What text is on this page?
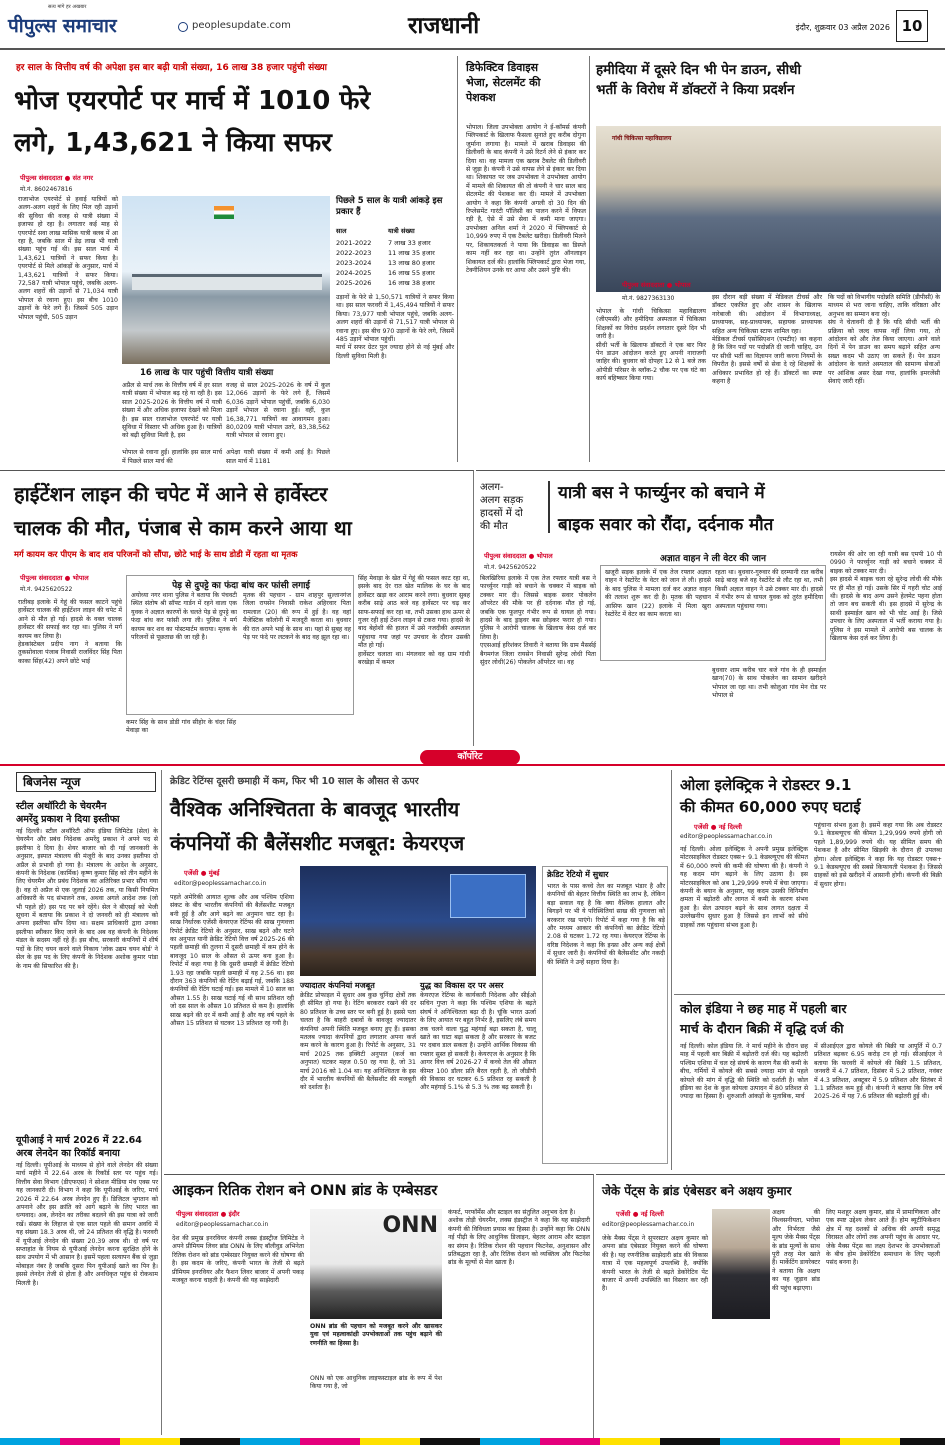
सत्य मांगे हर अखबार
पीपुल्स समाचार	peoplesupdate.com	राजधानी	इंदौर, शुक्रवार 03 अप्रैल 2026 10
हर साल के वित्तीय वर्ष की अपेक्षा इस बार बढ़ी यात्री संख्या, 16 लाख 38 हजार पहुंची संख्या
भोज एयरपोर्ट पर मार्च में 1010 फेरे
लगे, 1,43,621 ने किया सफर
पीपुल्स संवाददाता ● संत नगर
मो.नं. 8602467816
राजाभोज एयरपोर्ट से हवाई यात्रियों को अलग-अलग शहरों के लिए मिल रही उड़ानों की सुविधा की वजह से यात्री संख्या में इजाफा हो रहा है। लगातार कई माह से एयरपोर्ट सवा लाख मासिक यात्री क्लब में आ रहा है, जबकि साल में डेढ़ लाख भी यात्री संख्या पहुंच गई थी। इस साल मार्च में 1,43,621 यात्रियों ने सफर किया है। एयरपोर्ट से मिले आंकड़ों के अनुसार, मार्च में 1,43,621 यात्रियों ने सफर किया। 72,587 यात्री भोपाल पहुंचे, जबकि अलग-अलग शहरों की उड़ानों से 71,034 यात्री भोपाल से रवाना हुए। इस बीच 1010 उड़ानों के फेरे लगे हैं। जिसमें 505 उड़ान भोपाल पहुंची, 505 उड़ान
16 लाख के पार पहुंची वित्तीय यात्री संख्या
अप्रैल से मार्च तक के वित्तीय वर्ष में हर साल यात्री संख्या में भोपाल बढ़ रहे या रही है। इस साल 2025-2026 के वित्तीय वर्ष में यात्री संख्या में और अधिक इजाफा देखने को मिला है। इस साल राजाभोज एयरपोर्ट पर यात्री सुविधा में विस्तार भी अधिक हुआ है। यात्रियों को बढ़ी सुविधा मिली है, इस

भोपाल से रवाना हुईं। हालांकि इस साल मार्च में पिछले साल मार्च की
वजह से साल 2025-2026 के वर्ष में कुल 12,066 उड़ानों के फेरे लगे हैं, जिसमें 6,036 उड़ानें भोपाल पहुंचीं, जबकि 6,030 उड़ानें भोपाल से रवाना हुई। वहीं, कुल 16,38,771 यात्रियों का आवागमन हुआ। 80,0209 यात्री भोपाल उतरे, 83,38,562 यात्री भोपाल से रवाना हुए।

अपेक्षा यात्री संख्या में कमी आई है। पिछले साल मार्च में 1181
पिछले 5 साल के यात्री आंकड़े इस प्रकार हैं
साल	यात्री संख्या
2021-2022	7 लाख 33 हजार
2022-2023	11 लाख 35 हजार
2023-2024	13 लाख 80 हजार
2024-2025	16 लाख 55 हजार
2025-2026	16 लाख 38 हजार
उड़ानों के फेरे से 1,50,571 यात्रियों ने सफर किया था। इस साल फरवरी में 1,45,494 यात्रियों ने सफर किया। 73,977 यात्री भोपाल पहुंचे, जबकि अलग-अलग शहरों की उड़ानों से 71,517 यात्री भोपाल से रवाना हुए। इस बीच 970 उड़ानों के फेरे लगे, जिसमें 485 उड़ानें भोपाल पहुंचीं।
मार्च में सफर ग्रेटर पुल ज्यादा होने से नई मुंबई और दिल्ली सुविधा मिली है।
डिफेक्टिव डिवाइस
भेजा, सेटलमेंट की
पेशकश
भोपाल। जिला उपभोक्ता आयोग ने ई-कॉमर्स कंपनी फ्लिपकार्ट के खिलाफ फैसला सुनाते हुए करीब दोगुना जुर्माना लगाया है। मामले में खराब डिवाइस की डिलीवरी के बाद कंपनी ने उसे रिटर्न लेने से इंकार कर दिया था। वह मामला एक खराब टैबलेट की डिलीवरी से जुड़ा है। कंपनी ने उसे वापस लेने से इंकार कर दिया था। शिकायत पर जब उपभोक्ता ने उपभोक्ता आयोग में मामले की शिकायत की तो कंपनी ने चार साल बाद सेटलमेंट की पेशकश कर दी। मामले में उपभोक्ता आयोग ने कहा कि कंपनी अगली दो 30 दिन की रिप्लेसमेंट गारंटी पॉलिसी का पालन करने में विफल रही है, ऐसे में उसे सेवा में कमी माना जाएगा। उपभोक्ता अनिल शर्मा ने 2020 में फ्लिपकार्ट से 10,999 रुपए में एक टैबलेट खरीदा। डिलीवरी मिलने पर, शिकायतकर्ता ने पाया कि डिवाइस का डिस्प्ले काम नहीं कर रहा था। उन्होंने तुरंत ऑनलाइन शिकायत दर्ज की। हालांकि फ्लिपकार्ट द्वारा भेजा गया, टेक्नीशियन उनके घर आया और उसने पुष्टि की।
हमीदिया में दूसरे दिन भी पेन डाउन, सीधी
भर्ती के विरोध में डॉक्टरों ने किया प्रदर्शन
गांधी चिकित्सा महाविद्यालय
पीपुल्स संवाददाता ● भोपाल
मो.नं. 9827363130
भोपाल के गांधी चिकित्सा महाविद्यालय (जीएमसी) और हमीदिया अस्पताल में चिकित्सा शिक्षकों का विरोध प्रदर्शन लगातार दूसरे दिन भी जारी है।
सीधी भर्ती के खिलाफ डॉक्टरों ने एक बार फिर पेन डाउन आंदोलन करते हुए अपनी नाराजगी जाहिर की। बुधवार को दोपहर 12 से 1 बजे तक ओपीडी परिसर के ब्लॉक-2 चौक पर एक घंटे का कार्य बहिष्कार किया गया।
इस दौरान बड़ी संख्या में मेडिकल टीचर्स और डॉक्टर एकत्रित हुए और शासन के खिलाफ नारेबाजी की। आंदोलन में विभागाध्यक्ष, प्राध्यापक, सह-प्राध्यापक, सहायक प्राध्यापक सहित अन्य चिकित्सा स्टाफ शामिल रहा।
मेडिकल टीचर्स एसोसिएशन (एमटीए) का कहना है कि जिन पदों पर पदोन्नति दी जानी चाहिए, उन पर सीधी भर्ती का विज्ञापन जारी करना नियमों के विपरीत है। इससे वर्षों से सेवा दे रहे शिक्षकों के अधिकार प्रभावित हो रहे हैं। डॉक्टरों का स्पष्ट कहना है
कि पदों को विभागीय पदोन्नति समिति (डीपीसी) के माध्यम से भरा जाना चाहिए, ताकि वरिष्ठता और अनुभव का सम्मान बना रहे।
संघ ने चेतावनी दी है कि यदि सीधी भर्ती की प्रक्रिया को जल्द वापस नहीं लिया गया, तो आंदोलन को और तेज किया जाएगा। आने वाले दिनों में पेन डाउन का समय बढ़ाने सहित अन्य सख्त कदम भी उठाए जा सकते हैं। पेन डाउन आंदोलन के चलते अस्पताल की सामान्य सेवाओं पर आंशिक असर देखा गया, हालांकि इमरजेंसी सेवाएं जारी रहीं।
हाईटेंशन लाइन की चपेट में आने से हार्वेस्टर
चालक की मौत, पंजाब से काम करने आया था
मर्ग कायम कर पीएम के बाद शव परिजनों को सौंपा, छोटे भाई के साथ डोडी में रहता था मृतक
पीपुल्स संवाददाता ● भोपाल
मो.नं. 9425620522
रातीबड़ इलाके में गेहूं की फसल काटने पहुंचे हार्वेस्टर चालक की हाईटेंशन लाइन की चपेट में आने से मौत हो गई। हादसे के वक्त चालक हार्वेस्टर की सफाई कर रहा था। पुलिस ने मर्ग कायम कर लिया है।
हेडकांस्टेबल प्रदीप नाग ने बताया कि तुकसोवाला पंजाब निवासी राजविंदर सिंह पिता काका सिंह(42) अपने छोटे भाई
पेड़ से दुपट्टे का फंदा बांध कर फांसी लगाई
अयोध्या नगर थाना पुलिस ने बताया कि पंचवटी स्थित संतोष श्री सॉफ्ट गार्डन में रहने वाला एक युवक ने अज्ञात कारणों के चलते पेड़ से दुपट्टे का फंदा बांध कर फांसी लगा ली। पुलिस ने मर्ग कायम कर शव का पोस्टमार्टम कराया। मृतक के परिजनों से पूछताछ की जा रही है।
मृतक की पहचान - ग्राम शाहपुर सुल्तानगंज जिला रायसेन निवासी राकेश अहिरवार पिता रामलाल (20) की रूप में हुई है। वह वहां मैजेस्टिक कॉलोनी में मजदूरी करता था। बुधवार की रात अपने भाई के साथ था। यहां से सुबह वह पेड़ पर फंदे पर लटकने के बाद वह झूल रहा था।
कमर सिंह के साथ डोडी गांव सीहोर के चंदर सिंह मेवाड़ा का
सिंह मेवाड़ा के खेत में गेहूं की फसल काट रहा था, इसके बाद देर रात खेत मालिक के घर के बाद हार्वेस्टर खड़ा कर आराम करने लगा। बुधवार सुबह करीब साढ़े आठ बजे वह हार्वेस्टर पर चढ़ कर साफ-सफाई कर रहा था, तभी उसका हाथ ऊपर से गुजर रही हाई टेंशन लाइन से टकरा गया। हादसे के बाद बेहोशी की हालत में उसे नजदीकी अस्पताल पहुंचाया गया जहां पर उपचार के दौरान उसकी मौत हो गई।
हार्वेस्टर चलाता था। मंगलवार को वह ग्राम गांधी बरखेड़ा में कमल
अलग-
अलग सड़क
हादसों में दो
की मौत
यात्री बस ने फार्च्युनर को बचाने में
बाइक सवार को रौंदा, दर्दनाक मौत
पीपुल्स संवाददाता ● भोपाल
मो.नं. 9425620522
बिलखिरिया इलाके में एक तेज रफ्तार यात्री बस ने फार्च्युनर गाड़ी को बचाने के चक्कर में बाइक को टक्कर मार दी। जिससे बाइक सवार पोकलेन ऑपरेटर की मौके पर ही दर्दनाक मौत हो गई, जबकि एक फूलपुर गंभीर रूप से घायल हो गया। हादसे के बाद ड्राइवर बस छोड़कर फरार हो गया। पुलिस ने आरोपी चालक के खिलाफ केस दर्ज कर लिया है।
एएसआई हरिशंकर तिवारी ने बताया कि ग्राम मैसर्सई बैगमगंज जिला रायसेन निवासी सुरेन्द्र लोधी पिता सुंदर लोधी(26) पोकलेन ऑपरेटर था। वह
अज्ञात वाहन ने ली वेटर की जान
खजूरी सड़क इलाके में एक तेज रफ्तार अज्ञात वाहन ने रेस्टोरेंट के वेटर को जान ले ली। हादसे के बाद पुलिस ने मामला दर्ज कर अज्ञात वाहन की तलाश शुरू कर दी है। मृतक की पहचान आसिफ खान (22) इलाके में मिला खुरा रेस्टोरेंट में वेटर का काम करता था।
रहता था। बुधवार-गुरुवार की दरम्यानी रात करीब साढ़े बारह बजे वह रेस्टोरेंट से लौट रहा था, तभी किसी अज्ञात वाहन ने उसे टक्कर मार दी। हादसे में गंभीर रूप से घायल युवक को तुरंत हमीदिया अस्पताल पहुंचाया गया।
बुधवार शाम करीब चार बजे गांव के ही इस्माईल खान(70) के साथ पोकलेन का सामान खरीदने भोपाल जा रहा था। तभी कोलुआ गांव मेन रोड पर भोपाल से
रायसेन की ओर जा रही यात्री बस एमपी 10 पी 0990 ने फार्च्युनर गाड़ी को बचाने चक्कर में बाइक को टक्कर मार दी।
इस हादसे में बाइक चला रहे सुरेन्द्र लोधी की मौके पर ही मौत हो गई। उसके सिर में गहरी चोट आई थी। हादसे के बाद अन्य उसने हेलमेट पहना होता तो जान बच सकती थी। इस हादसे में सुरेन्द्र के साथी इस्माईल खान को भी चोट आई है। जिसे उपचार के लिए अस्पताल में भर्ती कराया गया है। पुलिस ने इस मामले में आरोपी बस चालक के खिलाफ केस दर्ज कर लिया है।
कॉर्पोरेट
बिजनेस न्यूज
स्टील अथॉरिटी के चेयरमैन
अमरेंदु प्रकाश ने दिया इस्तीफा
नई दिल्ली। स्टील अथॉरिटी ऑफ इंडिया लिमिटेड (सेल) के चेयरमैन और प्रबंध निदेशक अमरेंदु प्रकाश ने अपने पद से इस्तीफा दे दिया है। शेयर बाजार को दी गई जानकारी के अनुसार, इस्पात मंत्रालय की मंजूरी के बाद उनका इस्तीफा दो अप्रैल से प्रभावी हो गया है। मंत्रालय के आदेश के अनुसार, कंपनी के निदेशक (कार्मिक) कृष्ण कुमार सिंह को तीन महीने के लिए चेयरमैन और प्रबंध निदेशक का अतिरिक्त प्रभार सौंपा गया है। वह दो अप्रैल से एक जुलाई 2026 तक, या किसी नियमित अधिकारी के पद संभालने तक, अथवा अगले आदेश तक (जो भी पहले हो) इस पद पर बने रहेंगे। सेल ने बीएसई को भेजी सूचना में बताया कि प्रकाश ने दो जनवरी को ही मंत्रालय को अपना इस्तीफा सौंप दिया था। सक्षम प्राधिकारी द्वारा उनका इस्तीफा स्वीकार किए जाने के बाद अब वह कंपनी के निदेशक मंडल के सदस्य नहीं रहे हैं। इस बीच, सरकारी कंपनियों में शीर्ष पदों के लिए चयन करने वाले निकाय 'लोक उद्यम चयन बोर्ड' ने सेल के इस पद के लिए कंपनी के निदेशक अशोक कुमार पांडा के नाम की सिफारिश की है।
यूपीआई ने मार्च 2026 में 22.64
अरब लेनदेन का रिकॉर्ड बनाया
नई दिल्ली। यूपीआई के माध्यम से होने वाले लेनदेन की संख्या मार्च महीने में 22.64 अरब के रिकॉर्ड स्तर पर पहुंच गई। वित्तीय सेवा विभाग (डीएफएस) ने सोशल मीडिया मंच एक्स पर यह जानकारी दी। विभाग ने कहा कि यूपीआई के जरिए, मार्च 2026 में 22.64 अरब लेनदेन हुए हैं। डिजिटल भुगतान को अपनाने और इस क्रांति को आगे बढ़ाने के लिए भारत का धन्यवाद। अब, लेनदेन का तरीका बदलने की इस यात्रा को जारी रखें। संख्या के लिहाज से एक साल पहले की समान अवधि में यह संख्या 18.3 अरब थी, जो 24 प्रतिशत की वृद्धि है। फरवरी में यूपीआई लेनदेन की संख्या 20.39 अरब थी। दो वर्ष पर सप्ताहांत के नियम से यूपीआई लेनदेन करना सुरक्षित होने के साथ उपयोग में भी आसान है। इसमें पहला सत्यापन बैंक से जुड़ा मोबाइल नंबर है जबकि दूसरा पिन यूपीआई खाते का पिन है। इससे लेनदेन तेजी से होता है और अनधिकृत पहुंच से रोकथाम मिलती है।
क्रेडिट रेटिंग्स दूसरी छमाही में कम, फिर भी 10 साल के औसत से ऊपर
वैश्विक अनिश्चितता के बावजूद भारतीय
कंपनियों की बैलेंसशीट मजबूत: केयरएज
एजेंसी ● मुंबई
editor@peoplessamachar.co.in
पहले अमेरिकी आयात शुल्क और अब पश्चिम एशिया संकट के बीच भारतीय कंपनियों की बैलेंसशीट मजबूत बनी हुई है और आगे बढ़ने का अनुमान चाट रहा है। साख निर्धारक एजेंसी केयरएज रेटिंग्स की साख गुणवत्ता रिपोर्ट क्रेडिट रेटियो के अनुसार, साख बढ़ने और घटने का अनुपात यानी क्रेडिट रेटियो वित्त वर्ष 2025-26 की पहली छमाही की तुलना में दूसरी छमाही में कम होने के बावजूद 10 साल के औसत से ऊपर बना हुआ है। रिपोर्ट में कहा गया है कि दूसरी छमाही में क्रेडिट रेटियो 1.93 रहा जबकि पहली छमाही में यह 2.56 था। इस दौरान 363 कंपनियों की रेटिंग बढ़ाई गई, जबकि 188 कंपनियों की रेटिंग घटाई गई। इस मामले में 10 साल का औसत 1.55 है। साख घटाई गई थी साथ प्रतिशत रही जो दस साल के औसत 10 प्रतिशत से कम है। हालांकि साख बढ़ने की दर में कमी आई है और यह वर्ष पहले के औसत 15 प्रतिशत से घटकर 13 प्रतिशत रह गयी है।
ज्यादातर कंपनियां मजबूत
क्रेडिट प्रोफाइल में सुधार अब कुछ चुनिंदा क्षेत्रों तक ही सीमित हो गया है। रेटिंग बरकरार रखने की दर 80 प्रतिशत के उच्च स्तर पर बनी हुई है। इससे पता चलता है कि बाहरी दबावों के बावजूद ज्यादातर कंपनियां अपनी स्थिति मजबूत बनाए हुए हैं। इसका मतलब ज्यादा कंपनियों द्वारा लगातार अपना कर्ज कम करने के कारण हुआ है। रिपोर्ट के अनुसार, 31 मार्च 2025 तक इक्विटी अनुपात (कर्ज का अनुपात) घटकर महज 0.50 रह गया है, जो 31 मार्च 2016 को 1.04 था। यह अनिश्चितता के इस दौर में भारतीय कंपनियों की बैलेंसशीट की मजबूती को दर्शाता है।
युद्ध का विकास दर पर असर
केयरएज रेटिंग्स के कार्यकारी निदेशक और सीईओ सचिन गुप्ता ने कहा कि पश्चिम एशिया के बढ़ते संघर्ष ने अनिश्चितता बढ़ा दी है। चूंकि भारत ऊर्जा के लिए आयात पर बहुत निर्भर है, इसलिए लंबे समय तक चलने वाला युद्ध महंगाई बढ़ा सकता है, चालू खाते का घाटा बढ़ा सकता है और सरकार के बजट पर दबाव डाल सकता है। उन्होंने आर्थिक विकास की रफ्तार सुस्त हो सकती है। केयरएज के अनुसार है कि आगर वित्त वर्ष 2026-27 में कच्चे तेल की औसत कीमत 100 डॉलर प्रति बैरल रहती है, तो जीडीपी की विकास दर घटकर 6.5 प्रतिशत रह सकती है और महंगाई 5.1% से 5.3 % तक बढ़ सकती है।
क्रेडिट रेटियो में सुधार
भारत के पास कच्चे तेल का मजबूत भंडार है और कंपनियों की बेहतर वित्तीय स्थिति का लाभ है, लेकिन बड़ा सवाल यह है कि क्या वैश्विक हालात और बिगड़ने पर भी ये परिस्थितियां साख की गुणवत्ता को बरकरार रख पाएंगे। रिपोर्ट में कहा गया है कि बड़े और मध्यम आकार की कंपनियों का क्रेडिट रेटियो 2.08 से घटकर 1.72 रह गया। केयरएज रेटिंग्स के वरिष्ठ निदेशक ने कहा कि इन्फ्रा और अन्य कई क्षेत्रों में सुधार जारी है। कंपनियों की बैलेंसशीट और नकदी की स्थिति ने उन्हें सहारा दिया है।
ओला इलेक्ट्रिक ने रोडस्टर 9.1
की कीमत 60,000 रुपए घटाई
एजेंसी ● नई दिल्ली
editor@peoplessamachar.co.in
नई दिल्ली। ओला इलेक्ट्रिक ने अपनी प्रमुख इलेक्ट्रिक मोटरसाइकिल रोडस्टर एक्स+ 9.1 केडब्ल्यूएच की कीमत में 60,000 रुपये की कमी की घोषणा की है। कंपनी ने यह कदम मांग बढ़ाने के लिए उठाया है। इस मोटरसाइकिल को अब 1,29,999 रुपये में बेचा जाएगा। कंपनी के बयान के अनुसार, यह कदम उसकी विनिर्माण क्षमता में बढ़ोतरी और लागत में कमी के कारण संभव हुआ है। सेल उत्पादन बढ़ने के साथ लागत दक्षता में उल्लेखनीय सुधार हुआ है जिससे इन लाभों को सीधे ग्राहकों तक पहुंचाना संभव हुआ है।
पहुंचाना संभव हुआ है। इसमें कहा गया कि अब रोडस्टर 9.1 केडब्ल्यूएच की कीमत 1,29,999 रुपये होगी जो पहले 1,89,999 रुपये थी। यह सीमित समय की पेशकश है और सीमित खिड़की के दौरान ही उपलब्ध होगा। ओला इलेक्ट्रिक ने कहा कि यह रोडस्टर एक्स+ 9.1 केडब्ल्यूएच की सबसे किफायती पेशकश है। जिससे ग्राहकों को इसे खरीदने में आसानी होगी। कंपनी की बिक्री में सुधार होगा।
कोल इंडिया ने छह माह में पहली बार
मार्च के दौरान बिक्री में वृद्धि दर्ज की
नई दिल्ली। कोल इंडिया लि. ने मार्च महीने के दौरान छह माह में पहली बार बिक्री में बढ़ोतरी दर्ज की। यह बढ़ोतरी पश्चिम एशिया में चल रहे संघर्ष के कारण गैस की कमी के बीच, गर्मियों में कोयले की सबसे ज्यादा मांग से पहले कोयले की मांग में वृद्धि की स्थिति को दर्शाती है। कोल इंडिया का देश के कुल कोयला उत्पादन में 80 प्रतिशत से ज्यादा का हिस्सा है। शुरुआती आंकड़ों के मुताबिक, मार्च
में सीआईएल द्वारा कोयले की बिक्री या आपूर्ति में 0.7 प्रतिशत बढ़कर 6.95 करोड़ टन हो गई। सीआईएल ने बताया कि फरवरी में कोयले की बिक्री 1.5 प्रतिशत, जनवरी में 4.7 प्रतिशत, दिसंबर में 5.2 प्रतिशत, नवंबर में 4.3 प्रतिशत, अक्टूबर में 5.9 प्रतिशत और सितंबर में 1.1 प्रतिशत कम हुई थी। कंपनी ने बताया कि वित्त वर्ष 2025-26 में यह 7.6 प्रतिशत की बढ़ोतरी हुई थी।
आइकन रितिक रोशन बने ONN ब्रांड के एम्बेसडर
पीपुल्स संवाददाता ● इंदौर
editor@peoplessamachar.co.in
देश की प्रमुख इनरवियर कंपनी लक्स इंडस्ट्रीज लिमिटेड ने अपने प्रीमियम लिवर ब्रांड ONN के लिए बॉलीवुड अभिनेता रितिक रोशन को ब्रांड एम्बेसडर नियुक्त करने की घोषणा की है। इस कदम के जरिए, कंपनी भारत के तेजी से बढ़ते प्रीमियम इनरवियर और फैशन लिवर बाजार में अपनी पकड़ मजबूत करना चाहती है। कंपनी की यह साझेदारी
ONN
ONN ब्रांड की पहचान को मजबूत करने और खासकर युवा एवं महत्वाकांक्षी उपभोक्ताओं तक पहुंच बढ़ाने की रणनीति का हिस्सा है।
ONN को एक आधुनिक लाइफस्टाइल ब्रांड के रूप में पेश किया गया है, जो
कंफर्ट, परफॉर्मेंस और स्टाइल का संतुलित अनुभव देता है।
अशोक तोड़ी चेयरमैन, लक्स इंडस्ट्रीज ने कहा कि यह साझेदारी कंपनी की विविधता प्रयास का हिस्सा है। उन्होंने कहा कि ONN नई पीढ़ी के लिए आधुनिक डिजाइन, बेहतर आराम और स्टाइल का संगम है। रितिक रोशन की पहचान फिटनेस, अनुशासन और प्रतिबद्धता रहा है, और रितिक रोशन को व्यक्तित्व और फिटनेस ब्रांड के मूल्यों से मेल खाता है।
जेके पेंट्स के ब्रांड एंबेसडर बने अक्षय कुमार
एजेंसी ● नई दिल्ली
editor@peoplessamachar.co.in
जेके मैक्स पेंट्स ने सुपरस्टार अक्षय कुमार को अपना ब्रांड एंबेसडर नियुक्त करने की घोषणा की है। यह रणनीतिक साझेदारी ब्रांड की विकास यात्रा में एक महत्वपूर्ण उपलब्धि है, क्योंकि कंपनी भारत के तेजी से बढ़ते डेकोरेटिव पेंट बाजार में अपनी उपस्थिति का विस्तार कर रही है।
अक्षय की विश्वसनीयता, भरोसा और निर्भरता जैसे मूल्य जेके मैक्स पेंट्स के ब्रांड मूल्यों के साथ पूरी तरह मेल खाते हैं। मार्केटिंग डायरेक्टर ने बताया कि अक्षय का यह जुड़ाव ब्रांड की पहुंच बढ़ाएगा।
लिए मशहूर अक्षय कुमार, ब्रांड में प्रामाणिकता और एक स्पष्ट उद्देश्य लेकर आते हैं। होम ब्यूटीफिकेशन क्षेत्र में यह दशकों से अधिक की अपनी समृद्ध विरासत और लोगों तक अपनी पहुंच के आधार पर, जेके मैक्स पेंट्स का लक्ष्य देशभर के उपभोक्ताओं के बीच होम डेकोरेटिव समाधान के लिए पहली पसंद बनना है।
